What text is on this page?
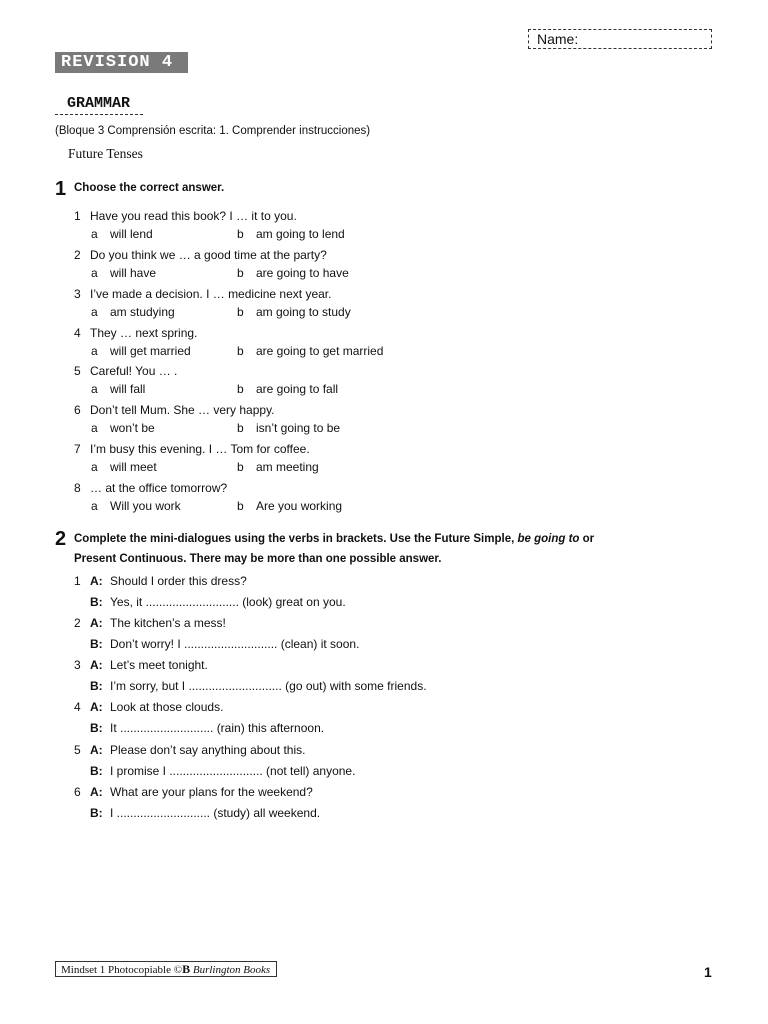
Name:
REVISION 4
GRAMMAR
(Bloque 3 Comprensión escrita: 1. Comprender instrucciones)
Future Tenses
1 Choose the correct answer.
1 Have you read this book? I … it to you.
a will lend	b am going to lend
2 Do you think we … a good time at the party?
a will have	b are going to have
3 I’ve made a decision. I … medicine next year.
a am studying	b am going to study
4 They … next spring.
a will get married	b are going to get married
5 Careful! You … .
a will fall	b are going to fall
6 Don’t tell Mum. She … very happy.
a won’t be	b isn’t going to be
7 I’m busy this evening. I … Tom for coffee.
a will meet	b am meeting
8 … at the office tomorrow?
a Will you work	b Are you working
2 Complete the mini-dialogues using the verbs in brackets. Use the Future Simple, be going to or
Present Continuous. There may be more than one possible answer.
1 A: Should I order this dress?
B: Yes, it ............................ (look) great on you.
2 A: The kitchen’s a mess!
B: Don’t worry! I ............................ (clean) it soon.
3 A: Let’s meet tonight.
B: I’m sorry, but I ............................ (go out) with some friends.
4 A: Look at those clouds.
B: It ............................ (rain) this afternoon.
5 A: Please don’t say anything about this.
B: I promise I ............................ (not tell) anyone.
6 A: What are your plans for the weekend?
B: I ............................ (study) all weekend.
Mindset 1 Photocopiable ©B Burlington Books	1
